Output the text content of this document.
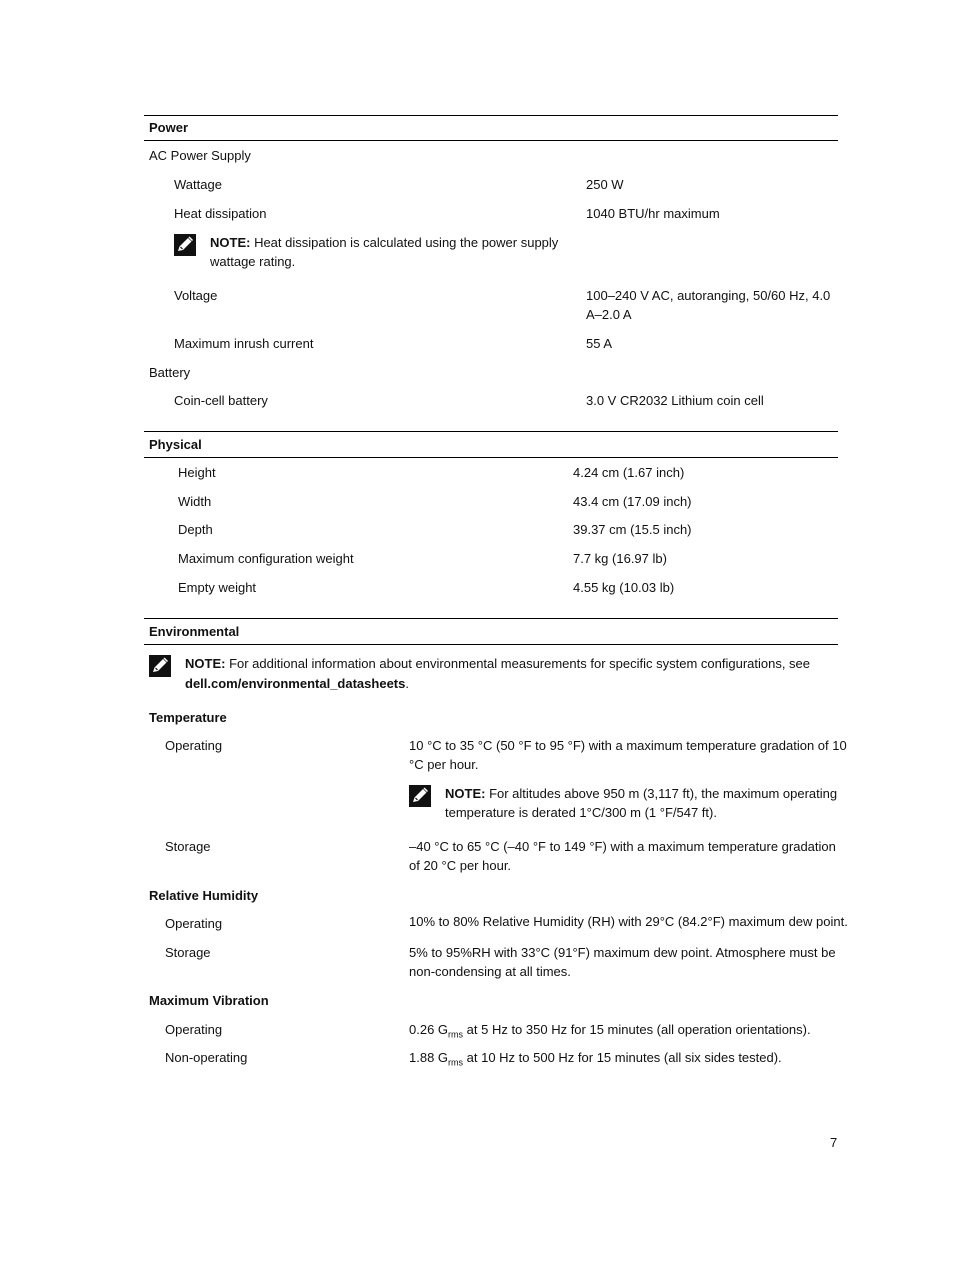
Power
AC Power Supply
Wattage	250 W
Heat dissipation	1040 BTU/hr maximum
NOTE: Heat dissipation is calculated using the power supply
wattage rating.
Voltage	100–240 V AC, autoranging, 50/60 Hz, 4.0
A–2.0 A
Maximum inrush current	55 A
Battery
Coin-cell battery	3.0 V CR2032 Lithium coin cell
Physical
Height	4.24 cm (1.67 inch)
Width	43.4 cm (17.09 inch)
Depth	39.37 cm (15.5 inch)
Maximum configuration weight	7.7 kg (16.97 lb)
Empty weight	4.55 kg (10.03 lb)
Environmental
NOTE: For additional information about environmental measurements for specific system configurations, see
dell.com/environmental_datasheets.
Temperature
Operating	10 °C to 35 °C (50 °F to 95 °F) with a maximum temperature gradation of 10
°C per hour.
NOTE: For altitudes above 950 m (3,117 ft), the maximum operating
temperature is derated 1°C/300 m (1 °F/547 ft).
Storage	–40 °C to 65 °C (–40 °F to 149 °F) with a maximum temperature gradation
of 20 °C per hour.
Relative Humidity
Operating	10% to 80% Relative Humidity (RH) with 29°C (84.2°F) maximum dew point.
Storage	5% to 95%RH with 33°C (91°F) maximum dew point. Atmosphere must be
non-condensing at all times.
Maximum Vibration
Operating	0.26 $G_{rms}$ at 5 Hz to 350 Hz for 15 minutes (all operation orientations).
Non-operating	1.88 $G_{rms}$ at 10 Hz to 500 Hz for 15 minutes (all six sides tested).
7
